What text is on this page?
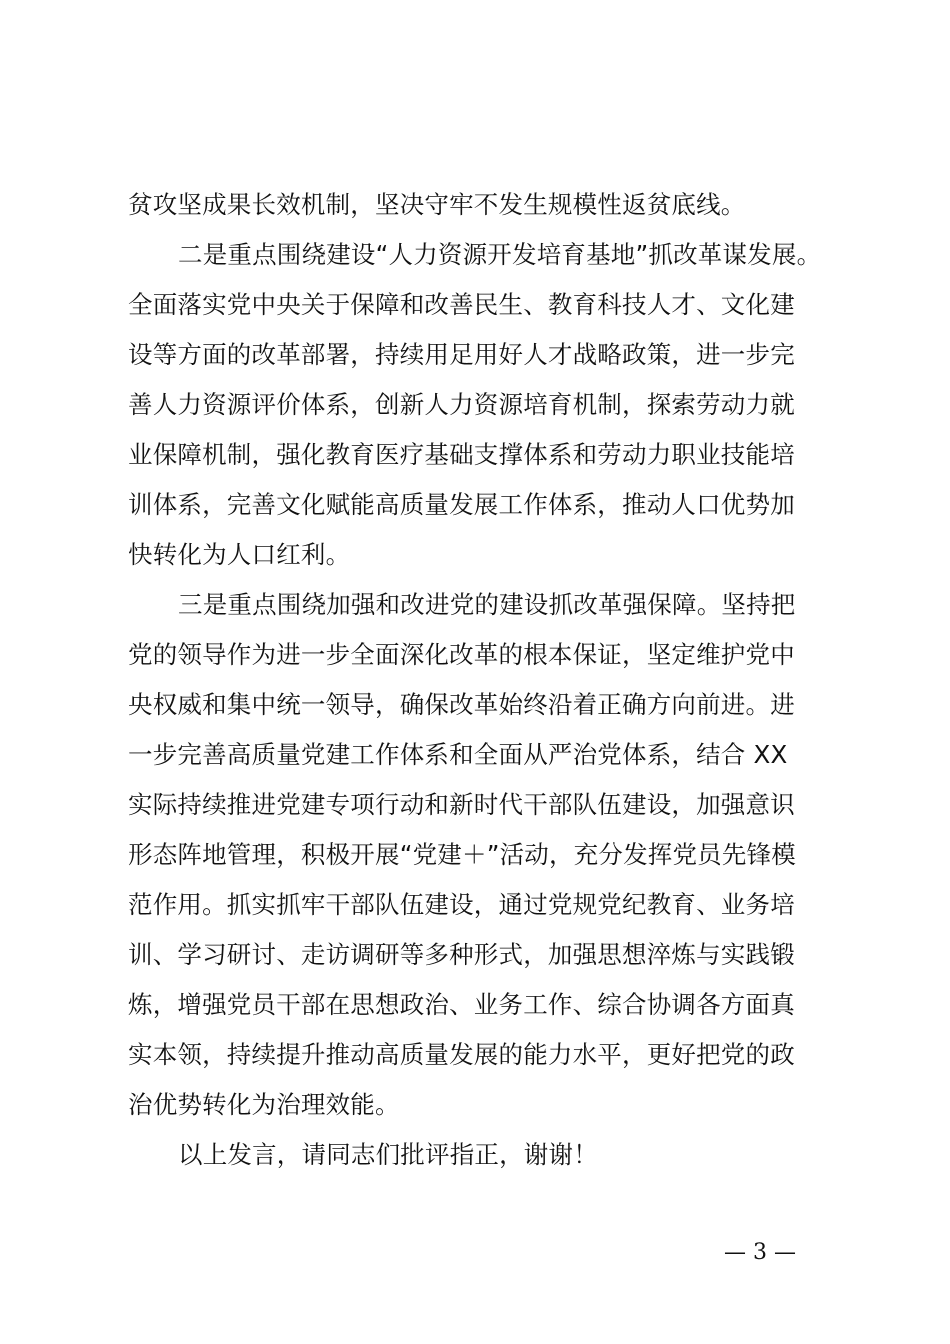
贫攻坚成果长效机制，坚决守牢不发生规模性返贫底线。
二是重点围绕建设“人力资源开发培育基地”抓改革谋发展。
全面落实党中央关于保障和改善民生、教育科技人才、文化建
设等方面的改革部署，持续用足用好人才战略政策，进一步完
善人力资源评价体系，创新人力资源培育机制，探索劳动力就
业保障机制，强化教育医疗基础支撑体系和劳动力职业技能培
训体系，完善文化赋能高质量发展工作体系，推动人口优势加
快转化为人口红利。
三是重点围绕加强和改进党的建设抓改革强保障。坚持把
党的领导作为进一步全面深化改革的根本保证，坚定维护党中
央权威和集中统一领导，确保改革始终沿着正确方向前进。进
一步完善高质量党建工作体系和全面从严治党体系，结合 XX
实际持续推进党建专项行动和新时代干部队伍建设，加强意识
形态阵地管理，积极开展“党建＋”活动，充分发挥党员先锋模
范作用。抓实抓牢干部队伍建设，通过党规党纪教育、业务培
训、学习研讨、走访调研等多种形式，加强思想淬炼与实践锻
炼，增强党员干部在思想政治、业务工作、综合协调各方面真
实本领，持续提升推动高质量发展的能力水平，更好把党的政
治优势转化为治理效能。
以上发言，请同志们批评指正，谢谢！
— 3 —
